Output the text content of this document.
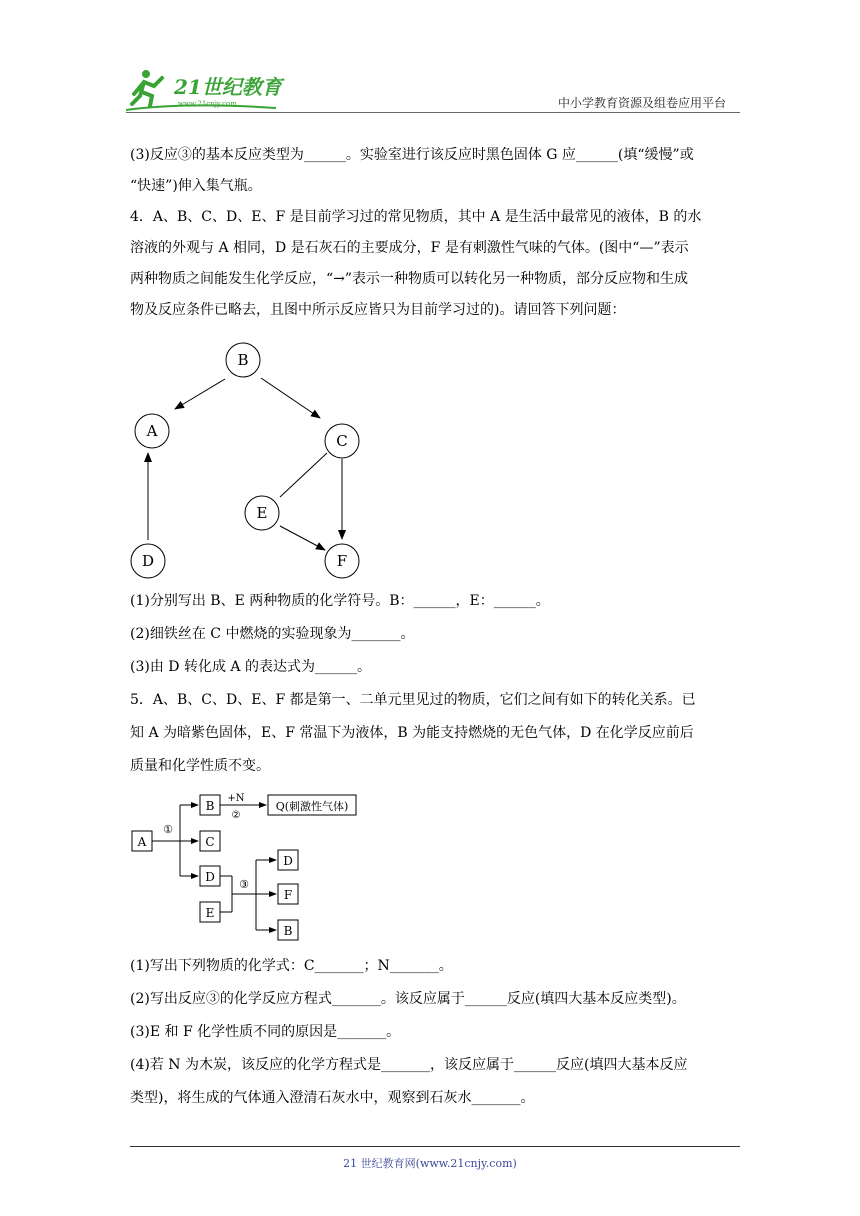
21世纪教育
www.21cnjy.com	中小学教育资源及组卷应用平台

(3)反应③的基本反应类型为______。实验室进行该反应时黑色固体 G 应______(填“缓慢”或

“快速”)伸入集气瓶。

4．A、B、C、D、E、F 是目前学习过的常见物质，其中 A 是生活中最常见的液体，B 的水

溶液的外观与 A 相同，D 是石灰石的主要成分，F 是有刺激性气味的气体。(图中“—”表示

两种物质之间能发生化学反应，“→”表示一种物质可以转化另一种物质，部分反应物和生成

物及反应条件已略去，且图中所示反应皆只为目前学习过的)。请回答下列问题：

B
A
C
E
D	F

(1)分别写出 B、E 两种物质的化学符号。B：______，E：______。

(2)细铁丝在 C 中燃烧的实验现象为_______。

(3)由 D 转化成 A 的表达式为______。

5．A、B、C、D、E、F 都是第一、二单元里见过的物质，它们之间有如下的转化关系。已

知 A 为暗紫色固体，E、F 常温下为液体，B 为能支持燃烧的无色气体，D 在化学反应前后

质量和化学性质不变。

A
①
C
D
E
③
D
F
B
B
+N
②
Q(刺激性气体)

(1)写出下列物质的化学式：C_______；N_______。

(2)写出反应③的化学反应方程式_______。该反应属于______反应(填四大基本反应类型)。

(3)E 和 F 化学性质不同的原因是_______。

(4)若 N 为木炭，该反应的化学方程式是_______，该反应属于______反应(填四大基本反应

类型)，将生成的气体通入澄清石灰水中，观察到石灰水_______。

21 世纪教育网(www.21cnjy.com)
